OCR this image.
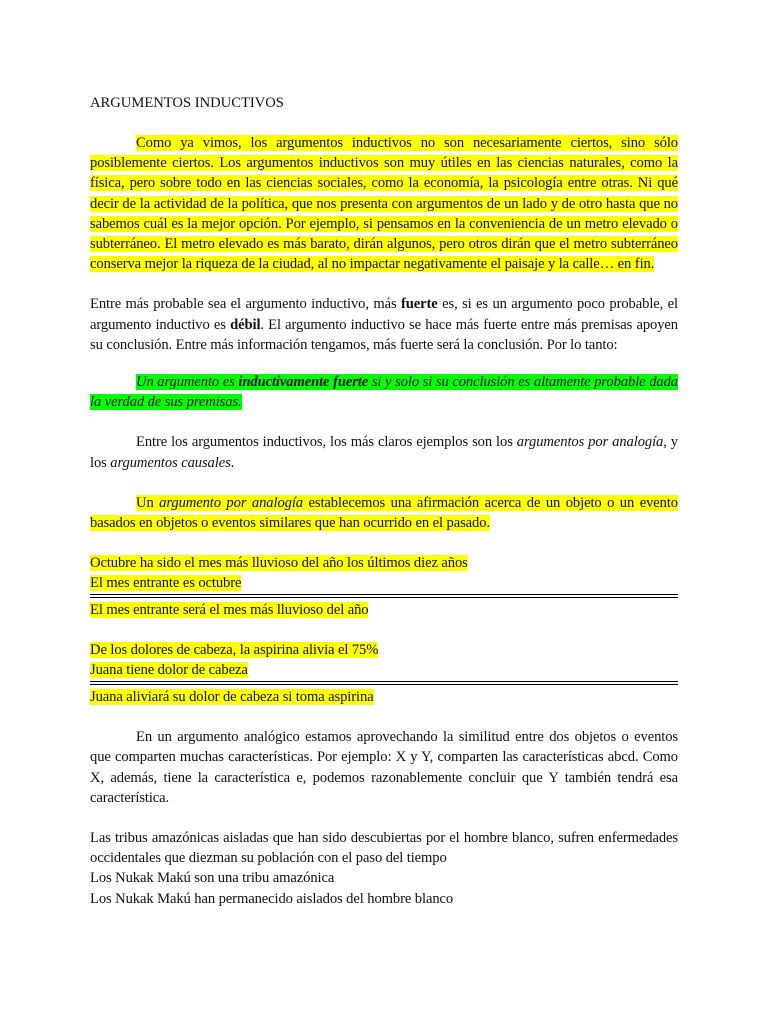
ARGUMENTOS INDUCTIVOS

Como ya vimos, los argumentos inductivos no son necesariamente ciertos, sino sólo posiblemente ciertos. Los argumentos inductivos son muy útiles en las ciencias naturales, como la física, pero sobre todo en las ciencias sociales, como la economía, la psicología entre otras. Ni qué decir de la actividad de la política, que nos presenta con argumentos de un lado y de otro hasta que no sabemos cuál es la mejor opción. Por ejemplo, si pensamos en la conveniencia de un metro elevado o subterráneo. El metro elevado es más barato, dirán algunos, pero otros dirán que el metro subterráneo conserva mejor la riqueza de la ciudad, al no impactar negativamente el paisaje y la calle… en fin.

Entre más probable sea el argumento inductivo, más fuerte es, si es un argumento poco probable, el argumento inductivo es débil. El argumento inductivo se hace más fuerte entre más premisas apoyen su conclusión. Entre más información tengamos, más fuerte será la conclusión. Por lo tanto:

Un argumento es inductivamente fuerte si y solo si su conclusión es altamente probable dada la verdad de sus premisas.

Entre los argumentos inductivos, los más claros ejemplos son los argumentos por analogía, y los argumentos causales.

Un argumento por analogía establecemos una afirmación acerca de un objeto o un evento basados en objetos o eventos similares que han ocurrido en el pasado.

Octubre ha sido el mes más lluvioso del año los últimos diez años
El mes entrante es octubre
El mes entrante será el mes más lluvioso del año
De los dolores de cabeza, la aspirina alivia el 75%
Juana tiene dolor de cabeza
Juana aliviará su dolor de cabeza si toma aspirina

En un argumento analógico estamos aprovechando la similitud entre dos objetos o eventos que comparten muchas características. Por ejemplo: X y Y, comparten las características abcd. Como X, además, tiene la característica e, podemos razonablemente concluir que Y también tendrá esa característica.

Las tribus amazónicas aisladas que han sido descubiertas por el hombre blanco, sufren enfermedades occidentales que diezman su población con el paso del tiempo

Los Nukak Makú son una tribu amazónica

Los Nukak Makú han permanecido aislados del hombre blanco
